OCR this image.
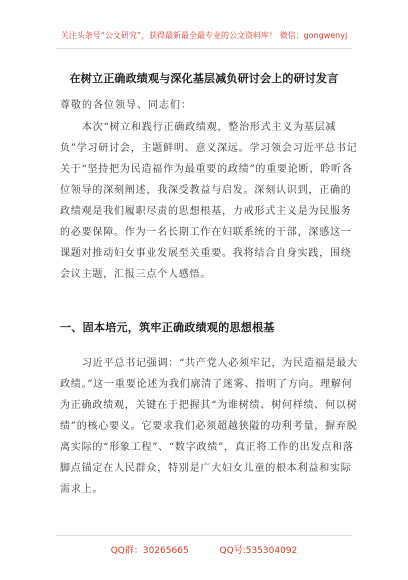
关注头条号“公文研究”，获得最新最全最专业的公文资料库！ 微信：gongwenyj
在树立正确政绩观与深化基层减负研讨会上的研讨发言
尊敬的各位领导、同志们：

本次“树立和践行正确政绩观，整治形式主义为基层减负”学习研讨会，主题鲜明、意义深远。学习领会习近平总书记关于“坚持把为民造福作为最重要的政绩”的重要论断，聆听各位领导的深刻阐述，我深受教益与启发。深刻认识到，正确的政绩观是我们履职尽责的思想根基，力戒形式主义是为民服务的必要保障。作为一名长期工作在妇联系统的干部，深感这一课题对推动妇女事业发展至关重要。我将结合自身实践，围绕会议主题，汇报三点个人感悟。

一、固本培元，筑牢正确政绩观的思想根基

习近平总书记强调：“共产党人必须牢记，为民造福是最大政绩。”这一重要论述为我们廓清了迷雾、指明了方向。理解何为正确政绩观，关键在于把握其“为谁树绩、树何样绩、何以树绩”的核心要义。它要求我们必须超越狭隘的功利考量，摒弃脱离实际的“形象工程”、“数字政绩”，真正将工作的出发点和落脚点锚定在人民群众，特别是广大妇女儿童的根本利益和实际需求上。

QQ群：30265665	QQ号:535304092
